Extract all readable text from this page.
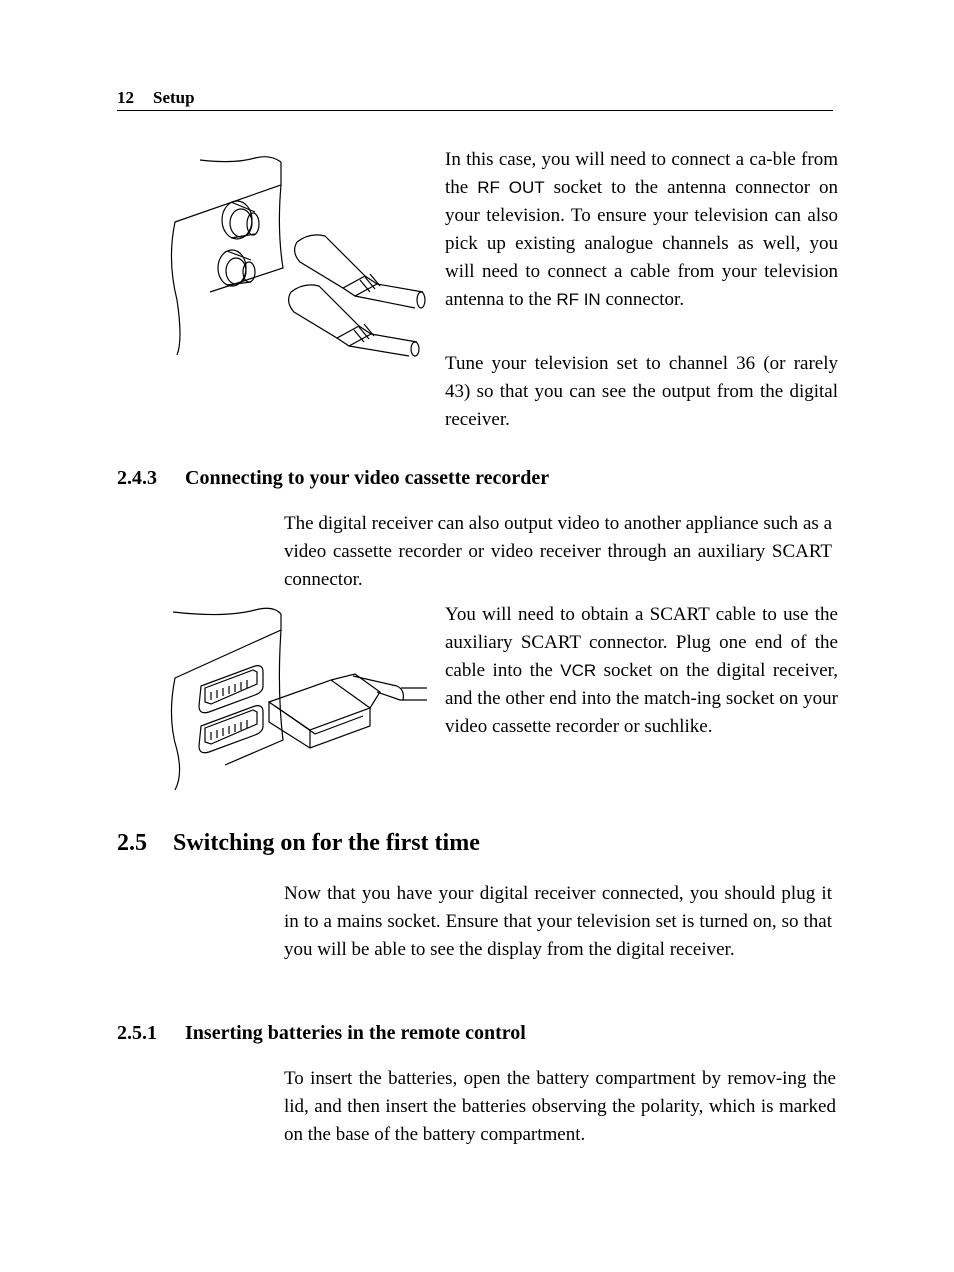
12 Setup

In this case, you will need to connect a ca-ble from the RF OUT socket to the antenna connector on your television. To ensure your television can also pick up existing analogue channels as well, you will need to connect a cable from your television antenna to the RF IN connector.

Tune your television set to channel 36 (or rarely 43) so that you can see the output from the digital receiver.

2.4.3 Connecting to your video cassette recorder

The digital receiver can also output video to another appliance such as a video cassette recorder or video receiver through an auxiliary SCART connector.

You will need to obtain a SCART cable to use the auxiliary SCART connector. Plug one end of the cable into the VCR socket on the digital receiver, and the other end into the match-ing socket on your video cassette recorder or suchlike.

2.5 Switching on for the first time

Now that you have your digital receiver connected, you should plug it in to a mains socket. Ensure that your television set is turned on, so that you will be able to see the display from the digital receiver.

2.5.1 Inserting batteries in the remote control

To insert the batteries, open the battery compartment by remov-ing the lid, and then insert the batteries observing the polarity, which is marked on the base of the battery compartment.
